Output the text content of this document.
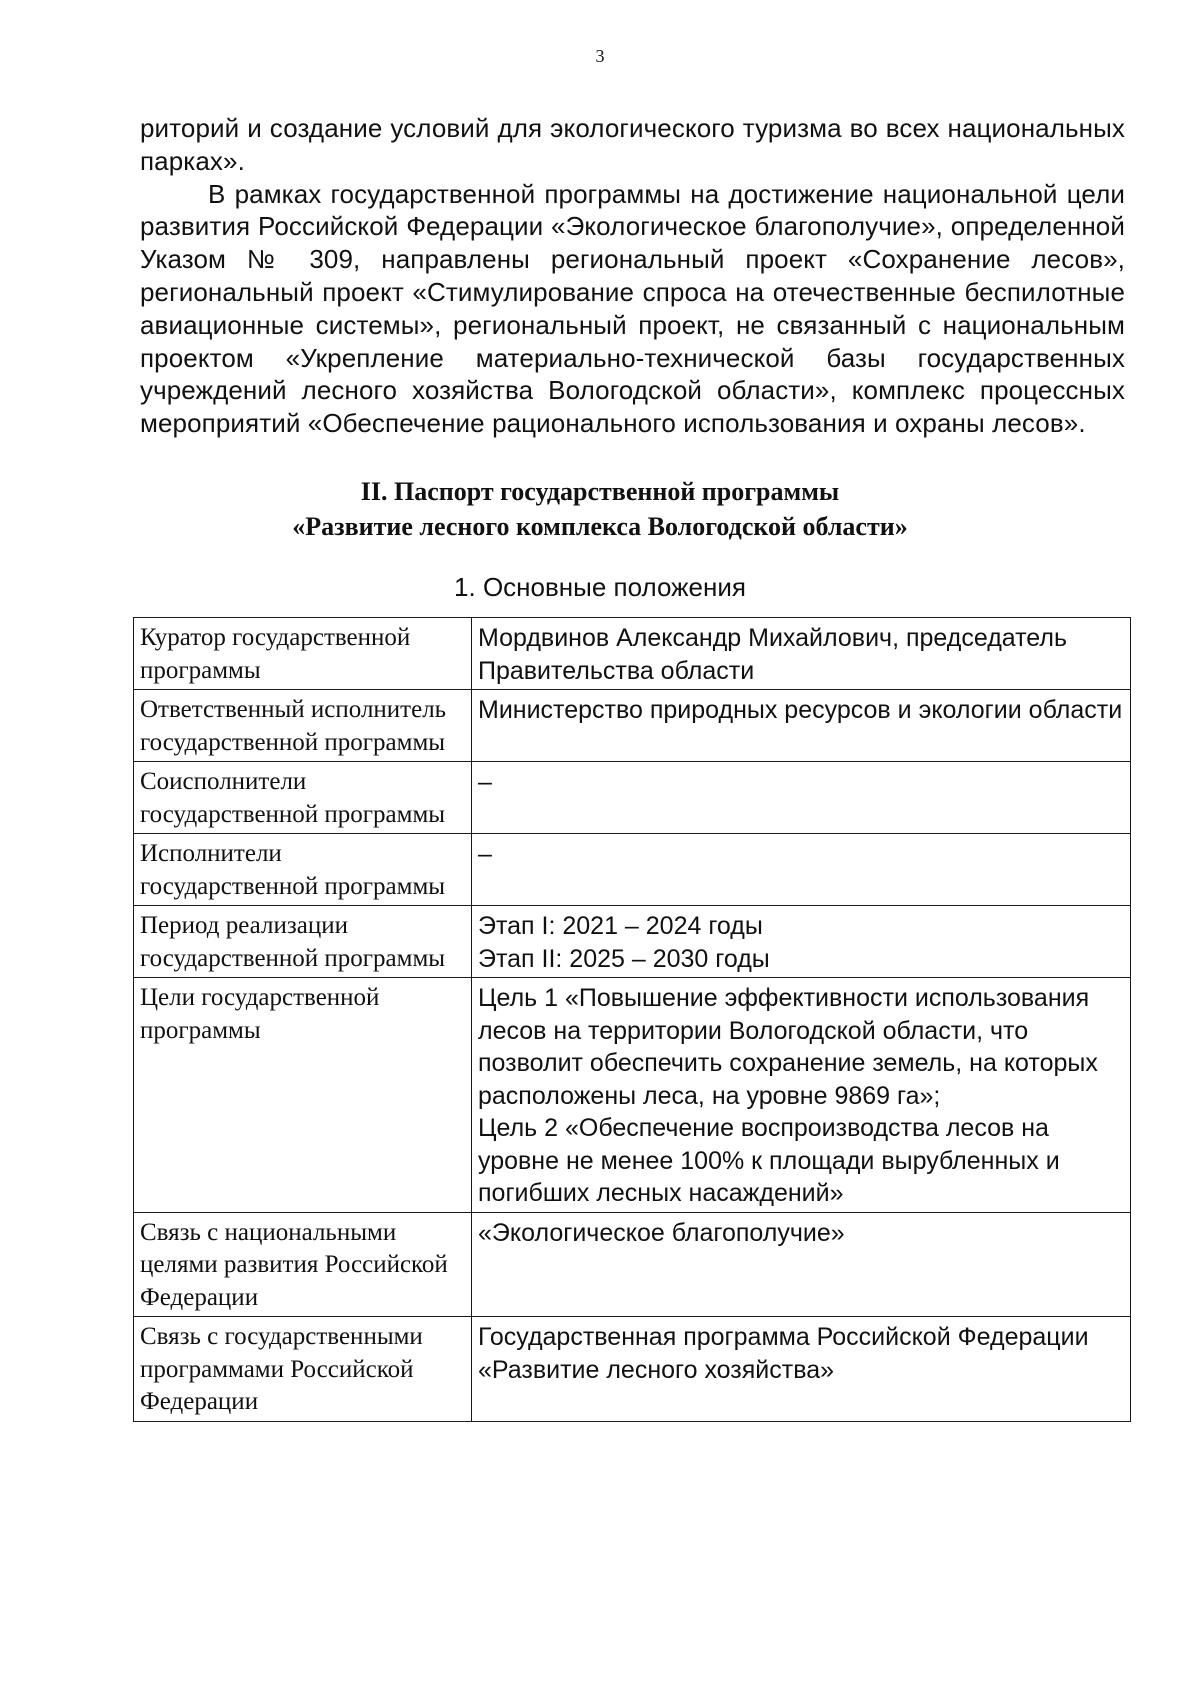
3

риторий и создание условий для экологического туризма во всех национальных парках».

В рамках государственной программы на достижение национальной цели развития Российской Федерации «Экологическое благополучие», определенной Указом № 309, направлены региональный проект «Сохранение лесов», региональный проект «Стимулирование спроса на отечественные беспилотные авиационные системы», региональный проект, не связанный с национальным проектом «Укрепление материально-технической базы государственных учреждений лесного хозяйства Вологодской области», комплекс процессных мероприятий «Обеспечение рационального использования и охраны лесов».

II. Паспорт государственной программы
«Развитие лесного комплекса Вологодской области»
1. Основные положения
Куратор государственной программы	Мордвинов Александр Михайлович, председатель Правительства области

Ответственный исполнитель государственной программы	Министерство природных ресурсов и экологии области

Соисполнители государственной программы	–

Исполнители государственной программы	–

Период реализации государственной программы	Этап I: 2021 – 2024 годы
Этап II: 2025 – 2030 годы

Цели государственной программы	Цель 1 «Повышение эффективности использования лесов на территории Вологодской области, что позволит обеспечить сохранение земель, на которых расположены леса, на уровне 9869 га»;
Цель 2 «Обеспечение воспроизводства лесов на уровне не менее 100% к площади вырубленных и погибших лесных насаждений»

Связь с национальными целями развития Российской Федерации	«Экологическое благополучие»

Связь с государственными программами Российской Федерации	Государственная программа Российской Федерации «Развитие лесного хозяйства»
